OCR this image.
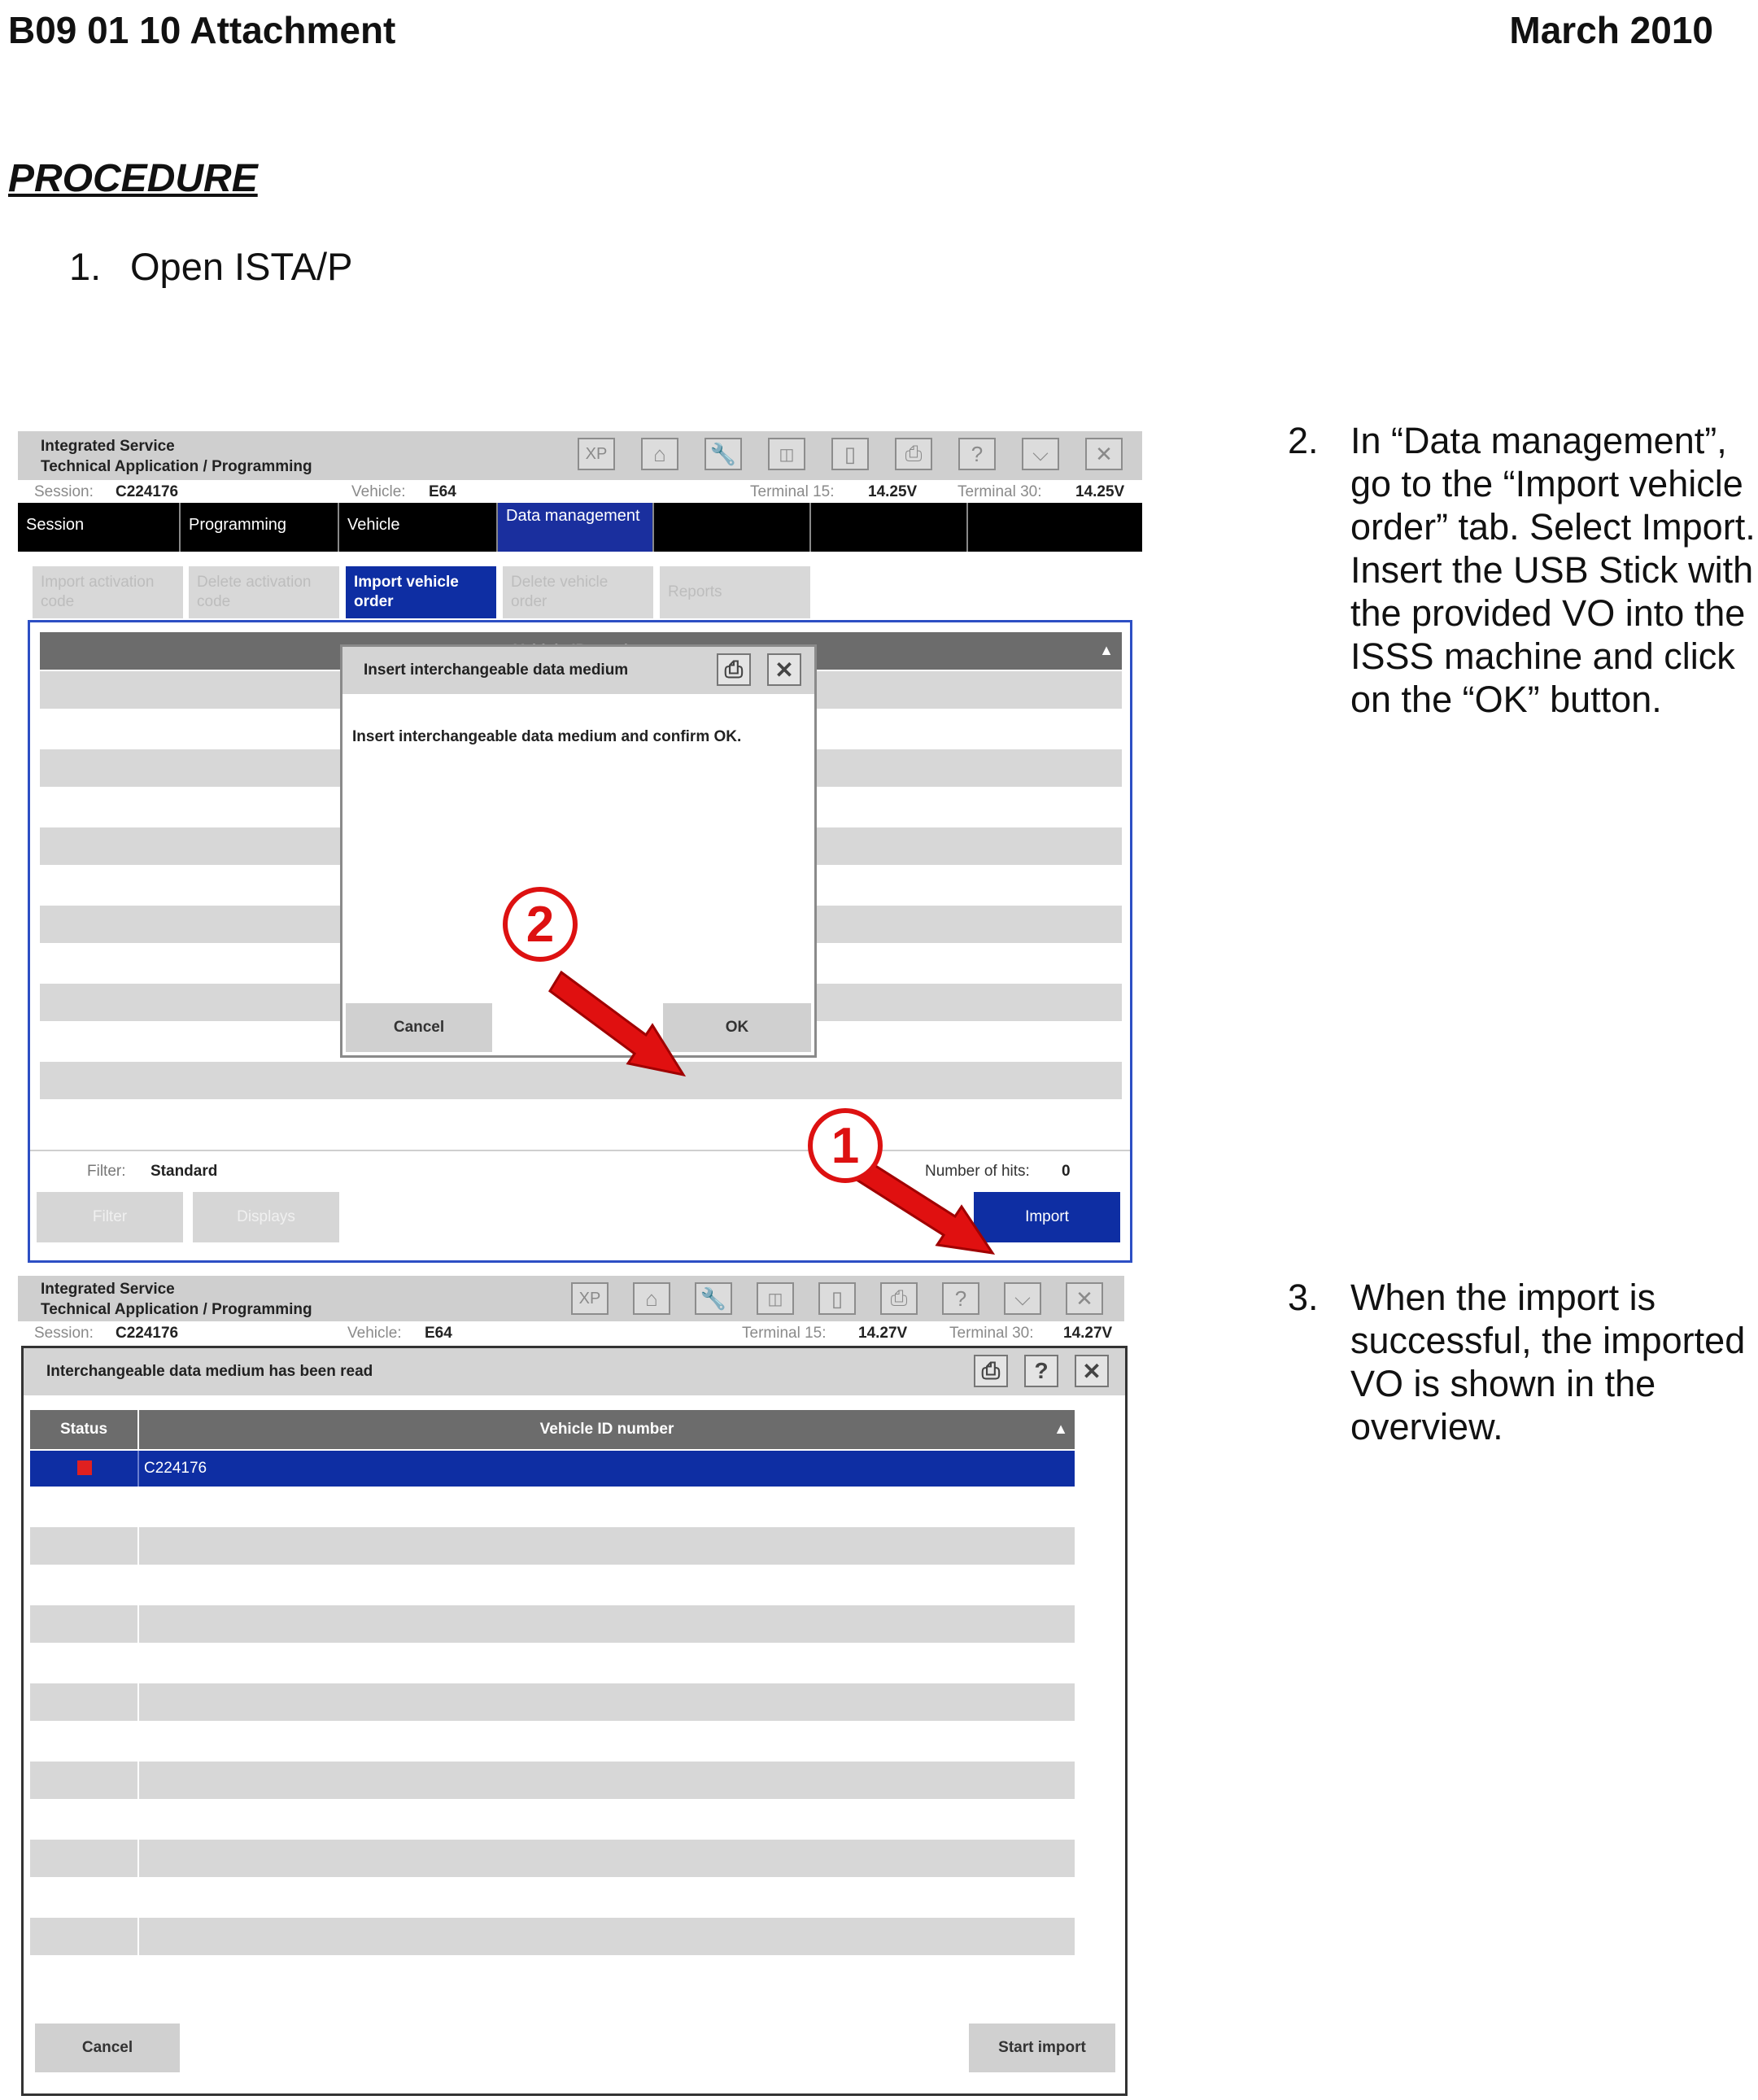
B09 01 10 Attachment	March 2010
PROCEDURE
1. Open ISTA/P
2. In “Data management”, go to the “Import vehicle order” tab. Select Import. Insert the USB Stick with the provided VO into the ISSS machine and click on the “OK” button.
3. When the import is successful, the imported VO is shown in the overview.
Integrated Service
Technical Application / Programming
XP	⌂	🔧	◫	▯	⎙	?	⌵	✕
Session: C224176	Vehicle: E64	Terminal 15: 14.25V	Terminal 30: 14.25V
Session	Programming	Vehicle	Data management
Import activation code
Delete activation code
Import vehicle order
Delete vehicle order
Reports
▲
Filter: Standard	Number of hits: 0
Filter	Displays	Import
Insert interchangeable data medium	⎙	✕
Insert interchangeable data medium and confirm OK.
Cancel	OK
2
1
Integrated Service
Technical Application / Programming
XP	⌂	🔧	◫	▯	⎙	?	⌵	✕
Session: C224176	Vehicle: E64	Terminal 15: 14.27V	Terminal 30: 14.27V
Interchangeable data medium has been read	⎙	?	✕
Status	Vehicle ID number	▲
C224176
Cancel	Start import
